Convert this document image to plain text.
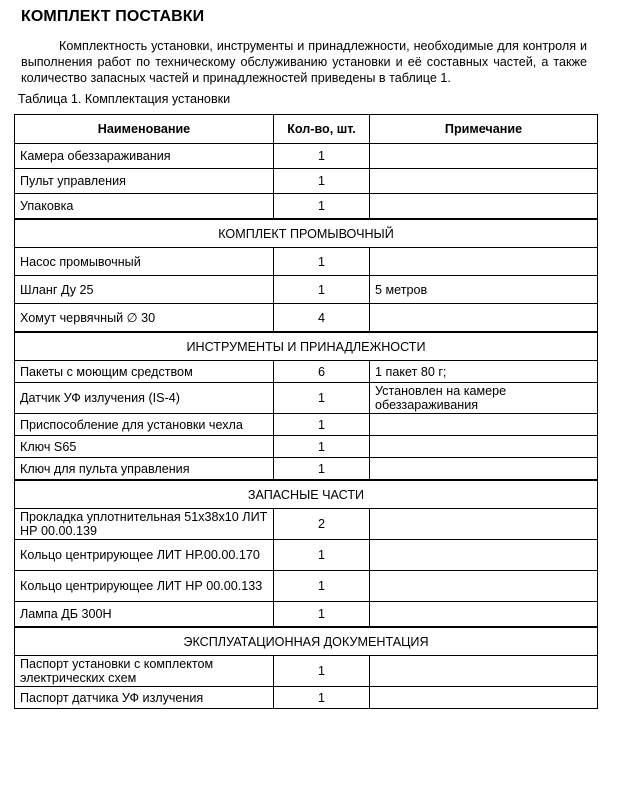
КОМПЛЕКТ ПОСТАВКИ
Комплектность установки, инструменты и принадлежности, необходимые для контроля и выполнения работ по техническому обслуживанию установки и её составных частей, а также количество запасных частей и принадлежностей приведены в таблице 1.
Таблица 1. Комплектация установки
Наименование	Кол-во, шт.	Примечание
Камера обеззараживания	1	
Пульт управления	1	
Упаковка	1	
КОМПЛЕКТ ПРОМЫВОЧНЫЙ		
Насос промывочный	1	
Шланг Ду 25	1	5 метров
Хомут червячный ∅ 30	4	
ИНСТРУМЕНТЫ И ПРИНАДЛЕЖНОСТИ		
Пакеты с моющим средством	6	1 пакет 80 г;
Датчик УФ излучения (IS-4)	1	Установлен на камере обеззараживания
Приспособление для установки чехла	1	
Ключ S65	1	
Ключ для пульта управления	1	
ЗАПАСНЫЕ ЧАСТИ		
Прокладка уплотнительная 51x38x10 ЛИТ НР 00.00.139	2	
Кольцо центрирующее ЛИТ НР.00.00.170	1	
Кольцо центрирующее ЛИТ НР 00.00.133	1	
Лампа ДБ 300Н	1	
ЭКСПЛУАТАЦИОННАЯ ДОКУМЕНТАЦИЯ		
Паспорт установки с комплектом электрических схем	1	
Паспорт датчика УФ излучения	1	
